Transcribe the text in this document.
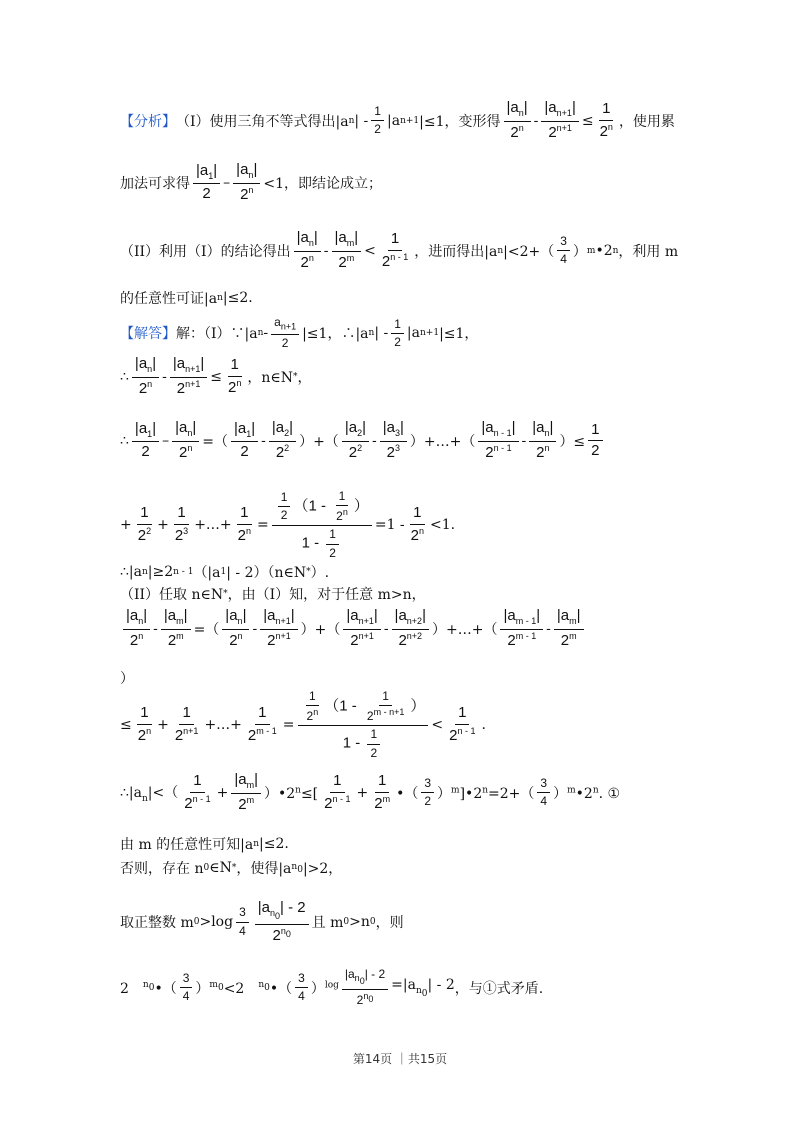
【分析】 （I）使用三角不等式得出|a n | - $\frac{1}{2} |a$ n+1 |≤1，变形得 $\frac{|a_n|}{2^n} - \frac{|a_{n+1}|}{2^{n+1}} \le \frac{1}{2^n}$ ，使用累
加法可求得 $\frac{|a_1|}{2} - \frac{|a_n|}{2^n} <1$，即结论成立；
（II）利用（I）的结论得出 $\frac{|a_n|}{2^n} - \frac{|a_m|}{2^m} < \frac{1}{2^{n - 1}}$ ，进而得出|a n $|<2+( \frac{3}{4}$ ） m •2 n ，利用 m
的任意性可证|a n |≤2.
【解答】 解：（I）∵|a $n - \frac{a_{n+1}}{2} |\le 1$，∴|a n | - $\frac{1}{2} |a$ n+1 |≤1，
∴ $\frac{|a_n|}{2^n} - \frac{|a_{n+1}|}{2^{n+1}} \le \frac{1}{2^n}$ ，n∈N * ，
∴ $\frac{|a_1|}{2} - \frac{|a_n|}{2^n}$ =（ $\frac{|a_1|}{2} - \frac{|a_2|}{2^2}$ ）+（ $\frac{|a_2|}{2^2} - \frac{|a_3|}{2^3}$ ）+…+（ $\frac{|a_{n - 1}|}{2^{n - 1}} - \frac{|a_n|}{2^n}$ ）≤ $\frac{1}{2}$
+ $\frac{1}{2^2} + \frac{1}{2^3}$ +…+ $\frac{1}{2^n} = \frac{\frac{1}{2} (1 - \frac{1}{2^n} )}{1 - \frac{1}{2}} =1 - \frac{1}{2^n} <1$.
∴|a n |≥2 n - 1 （|a 1 | - 2）（n∈N * ）.
（II）任取 n∈N * ，由（I）知，对于任意 m>n，
$\frac{|a_n|}{2^n} - \frac{|a_m|}{2^m}$ =（ $\frac{|a_n|}{2^n} - \frac{|a_{n+1}|}{2^{n+1}}$ ）+（ $\frac{|a_{n+1}|}{2^{n+1}} - \frac{|a_{n+2}|}{2^{n+2}}$ ）+…+（ $\frac{|a_{m - 1}|}{2^{m - 1}} - \frac{|a_m|}{2^m}$
）
≤ $\frac{1}{2^n} + \frac{1}{2^{n+1}}$ +…+ $\frac{1}{2^{m - 1}} = \frac{\frac{1}{2^n} (1 - \frac{1}{2^{m - n+1}} )}{1 - \frac{1}{2}} < \frac{1}{2^{n - 1}}$ .
$\therefore|a_n|<( \frac{1}{2^{n - 1}} + \frac{|a_m|}{2^m}$ ）$•2^n\le[ \frac{1}{2^{n - 1}} + \frac{1}{2^m}$ •（ $\frac{3}{2}$ ）$^m]•2^n=2+( \frac{3}{4}$ ）$^m$•2$^n$. ①
由 m 的任意性可知|a n |≤2.
否则，存在 n 0 ∈N * ，使得|a $n_0$ |>2，
取正整数 m $0 >\log \frac{3}{4} \frac{|a_{n_0}| - 2}{2^{n_0}}$ 且 m 0 >n 0 ，则
2　$^{n_0}$•（ $\frac{3}{4} )^{m_0}<2$　$^{n_0}$•（ $\frac{3}{4} )^{log} \frac{|a_{n_0}| - 2}{2^{n_0}} =|a_{n_0}| - 2$ ，与①式矛盾.
第14页 ｜共15页
